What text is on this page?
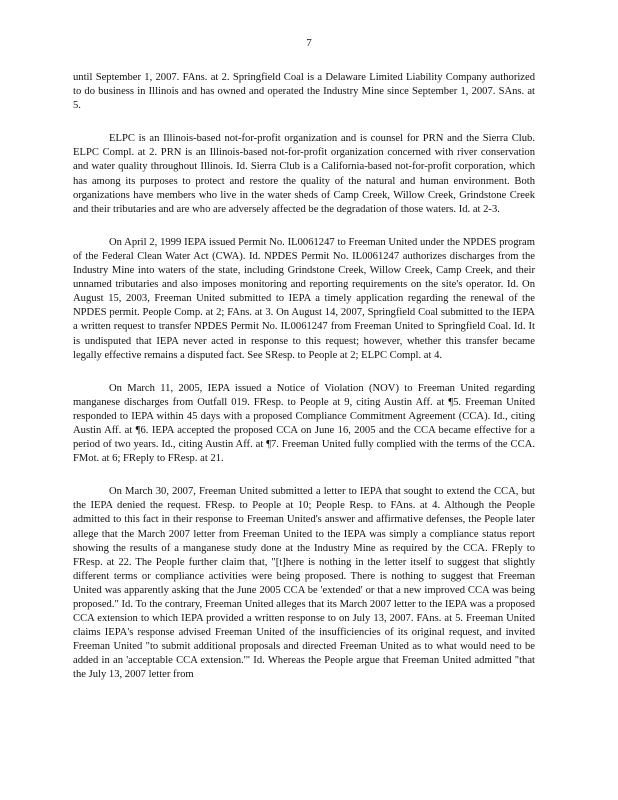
7

until September 1, 2007. FAns. at 2. Springfield Coal is a Delaware Limited Liability Company authorized to do business in Illinois and has owned and operated the Industry Mine since September 1, 2007. SAns. at 5.

ELPC is an Illinois-based not-for-profit organization and is counsel for PRN and the Sierra Club. ELPC Compl. at 2. PRN is an Illinois-based not-for-profit organization concerned with river conservation and water quality throughout Illinois. Id. Sierra Club is a California-based not-for-profit corporation, which has among its purposes to protect and restore the quality of the natural and human environment. Both organizations have members who live in the water sheds of Camp Creek, Willow Creek, Grindstone Creek and their tributaries and are who are adversely affected be the degradation of those waters. Id. at 2-3.

On April 2, 1999 IEPA issued Permit No. IL0061247 to Freeman United under the NPDES program of the Federal Clean Water Act (CWA). Id. NPDES Permit No. IL0061247 authorizes discharges from the Industry Mine into waters of the state, including Grindstone Creek, Willow Creek, Camp Creek, and their unnamed tributaries and also imposes monitoring and reporting requirements on the site's operator. Id. On August 15, 2003, Freeman United submitted to IEPA a timely application regarding the renewal of the NPDES permit. People Comp. at 2; FAns. at 3. On August 14, 2007, Springfield Coal submitted to the IEPA a written request to transfer NPDES Permit No. IL0061247 from Freeman United to Springfield Coal. Id. It is undisputed that IEPA never acted in response to this request; however, whether this transfer became legally effective remains a disputed fact. See SResp. to People at 2; ELPC Compl. at 4.

On March 11, 2005, IEPA issued a Notice of Violation (NOV) to Freeman United regarding manganese discharges from Outfall 019. FResp. to People at 9, citing Austin Aff. at ¶5. Freeman United responded to IEPA within 45 days with a proposed Compliance Commitment Agreement (CCA). Id., citing Austin Aff. at ¶6. IEPA accepted the proposed CCA on June 16, 2005 and the CCA became effective for a period of two years. Id., citing Austin Aff. at ¶7. Freeman United fully complied with the terms of the CCA. FMot. at 6; FReply to FResp. at 21.

On March 30, 2007, Freeman United submitted a letter to IEPA that sought to extend the CCA, but the IEPA denied the request. FResp. to People at 10; People Resp. to FAns. at 4. Although the People admitted to this fact in their response to Freeman United's answer and affirmative defenses, the People later allege that the March 2007 letter from Freeman United to the IEPA was simply a compliance status report showing the results of a manganese study done at the Industry Mine as required by the CCA. FReply to FResp. at 22. The People further claim that, "[t]here is nothing in the letter itself to suggest that slightly different terms or compliance activities were being proposed. There is nothing to suggest that Freeman United was apparently asking that the June 2005 CCA be 'extended' or that a new improved CCA was being proposed." Id. To the contrary, Freeman United alleges that its March 2007 letter to the IEPA was a proposed CCA extension to which IEPA provided a written response to on July 13, 2007. FAns. at 5. Freeman United claims IEPA's response advised Freeman United of the insufficiencies of its original request, and invited Freeman United "to submit additional proposals and directed Freeman United as to what would need to be added in an 'acceptable CCA extension.'" Id. Whereas the People argue that Freeman United admitted "that the July 13, 2007 letter from
